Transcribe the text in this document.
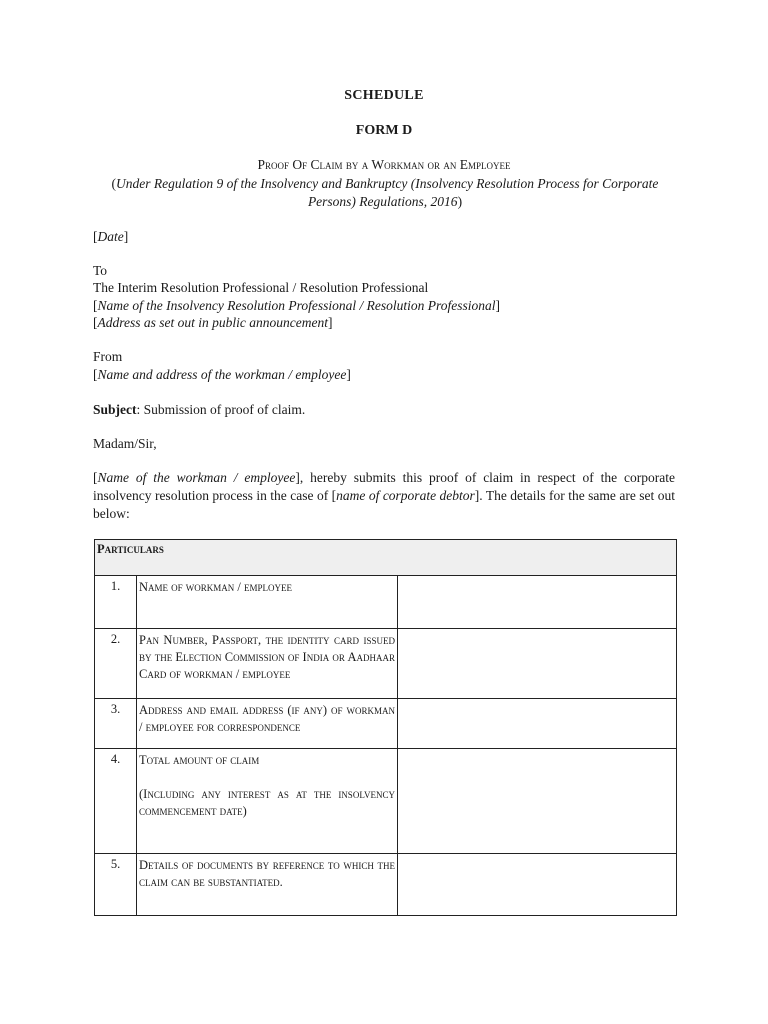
SCHEDULE
FORM D
Proof Of Claim by a Workman or an Employee
(Under Regulation 9 of the Insolvency and Bankruptcy (Insolvency Resolution Process for Corporate Persons) Regulations, 2016)
[Date]
To
The Interim Resolution Professional / Resolution Professional
[Name of the Insolvency Resolution Professional / Resolution Professional]
[Address as set out in public announcement]
From
[Name and address of the workman / employee]
Subject: Submission of proof of claim.
Madam/Sir,
[Name of the workman / employee], hereby submits this proof of claim in respect of the corporate insolvency resolution process in the case of [name of corporate debtor]. The details for the same are set out below:
Particulars		
1.	Name of workman / employee	

2.	Pan Number, Passport, the identity card issued by the Election Commission of India or Aadhaar Card of workman / employee	

3.	Address and email address (if any) of workman / employee for correspondence	

4.	Total amount of claim

(Including any interest as at the insolvency commencement date)	

5.	Details of documents by reference to which the claim can be substantiated.	
